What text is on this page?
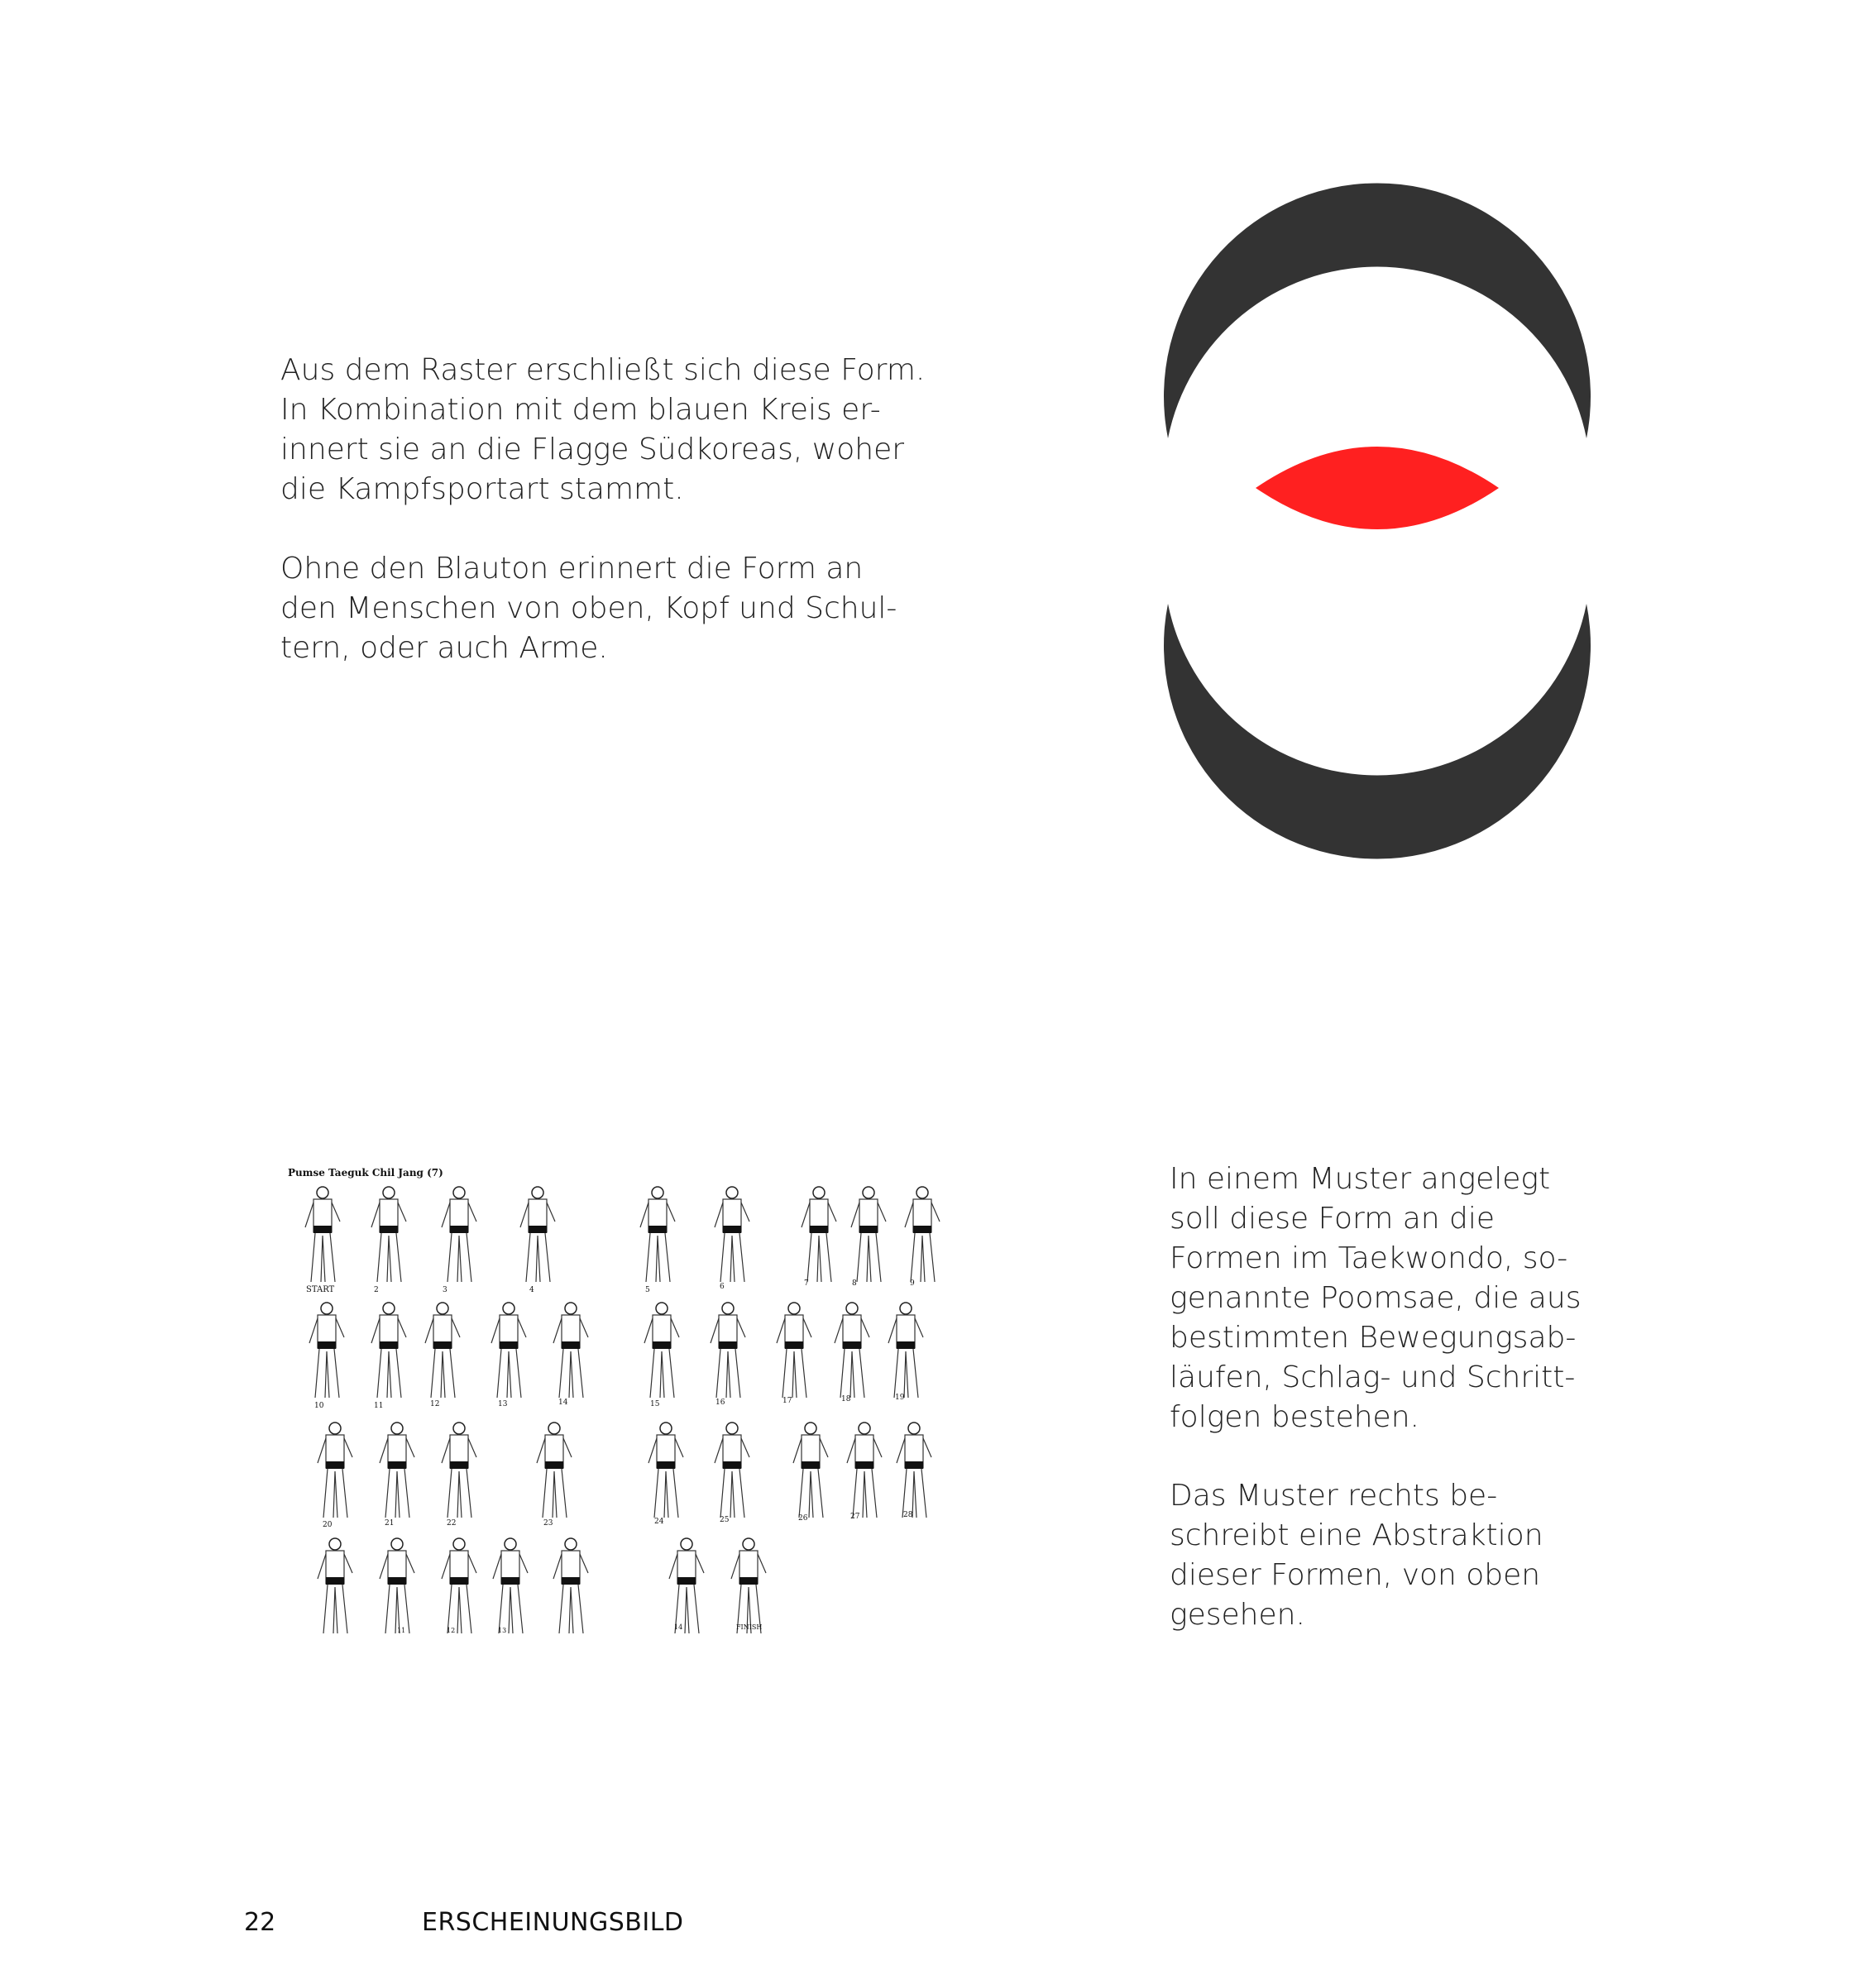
Aus dem Raster erschließt sich diese Form.
In Kombination mit dem blauen Kreis er-
innert sie an die Flagge Südkoreas, woher
die Kampfsportart stammt.

Ohne den Blauton erinnert die Form an
den Menschen von oben, Kopf und Schul-
tern, oder auch Arme.

Pumse Taeguk Chil Jang (7)
START	2	3	4	5	6	7	8	9
10	11	12	13	14	15	16	17	18	19
20	21	22	23	24	25	26	27	28
11	12	13	14	FINISH

In einem Muster angelegt
soll diese Form an die
Formen im Taekwondo, so-
genannte Poomsae, die aus
bestimmten Bewegungsab-
läufen, Schlag- und Schritt-
folgen bestehen.

Das Muster rechts be-
schreibt eine Abstraktion
dieser Formen, von oben
gesehen.

22	ERSCHEINUNGSBILD
